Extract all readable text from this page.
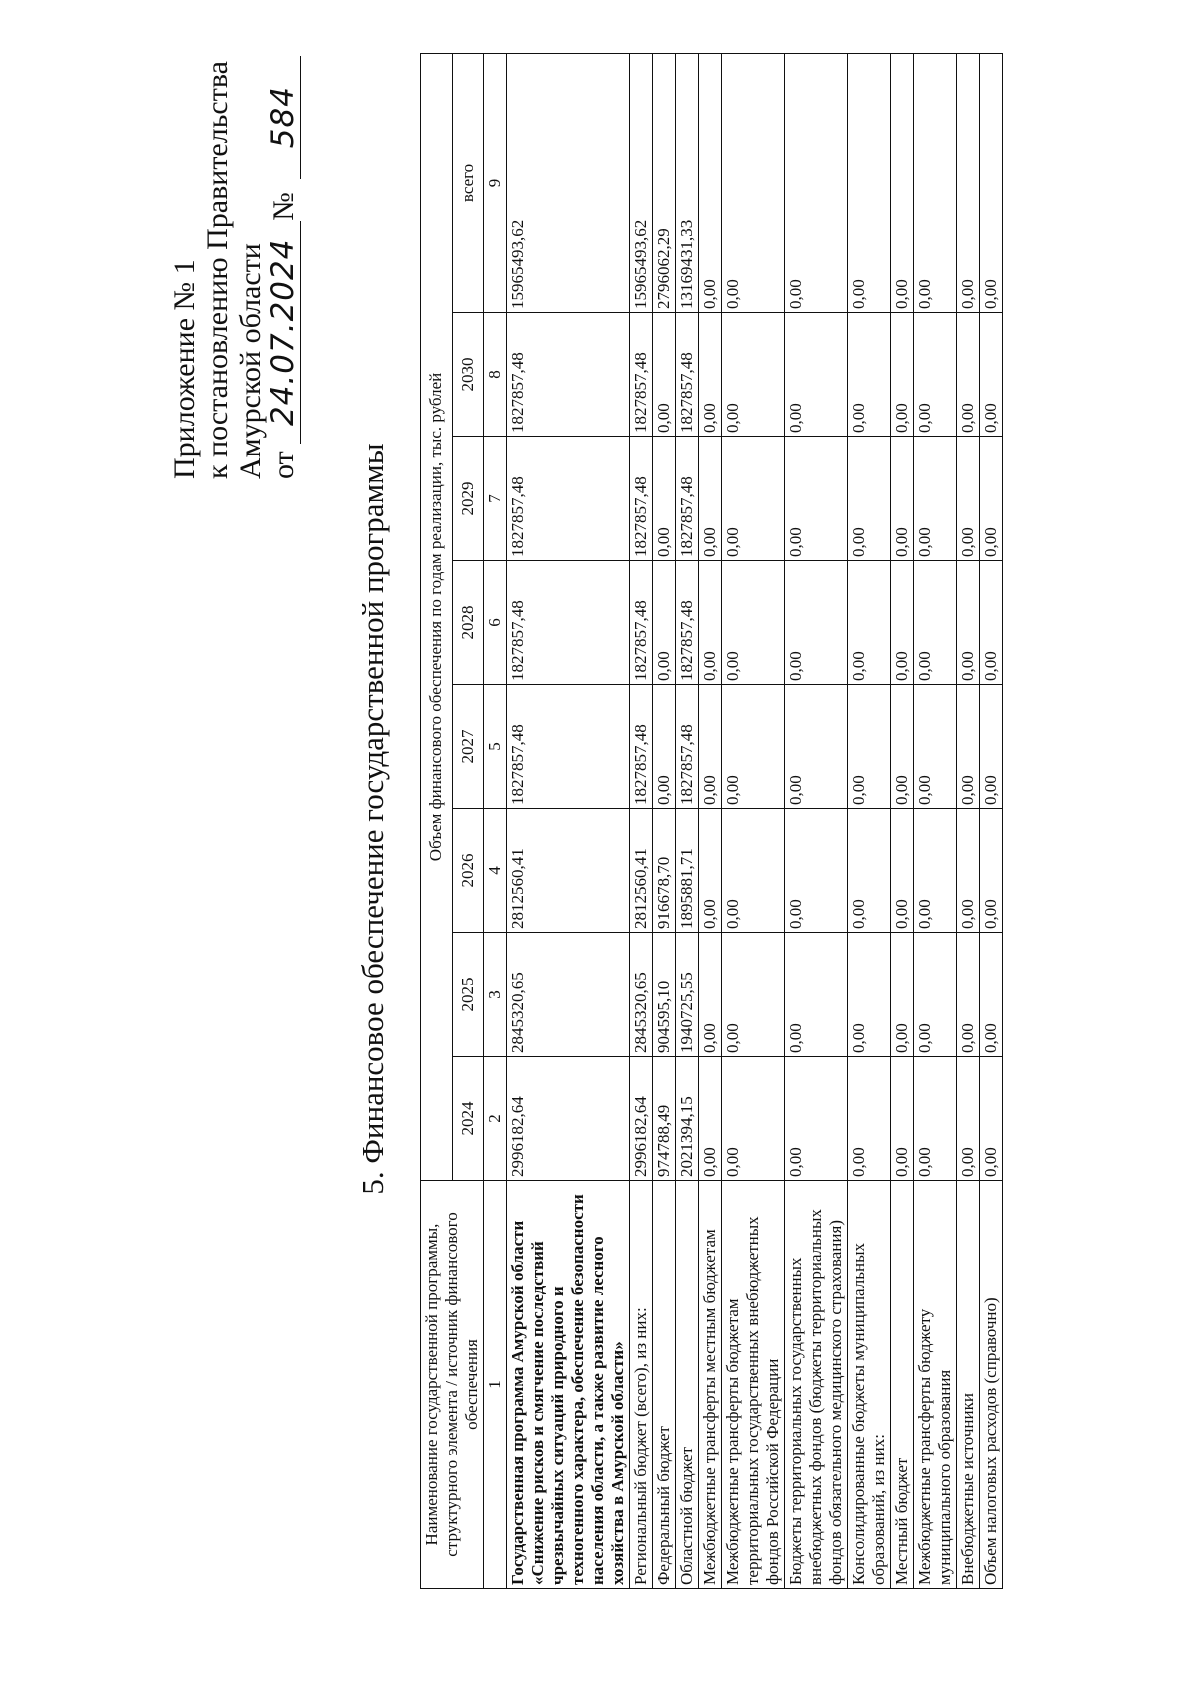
Приложение № 1 к постановлению Правительства Амурской области от 24.07.2024№ 584
5. Финансовое обеспечение государственной программы
Наименование государственной программы, структурного элемента / источник финансового обеспечения	Объем финансового обеспечения по годам реализации, тыс. рублей							
	2024	2025	2026	2027	2028	2029	2030	всего
1	2	3	4	5	6	7	8	9
Государственная программа Амурской области «Снижение рисков и смягчение последствий чрезвычайных ситуаций природного и техногенного характера, обеспечение безопасности населения области, а также развитие лесного хозяйства в Амурской области»	2996182,64	2845320,65	2812560,41	1827857,48	1827857,48	1827857,48	1827857,48	15965493,62
Региональный бюджет (всего), из них:	2996182,64	2845320,65	2812560,41	1827857,48	1827857,48	1827857,48	1827857,48	15965493,62
Федеральный бюджет	974788,49	904595,10	916678,70	0,00	0,00	0,00	0,00	2796062,29
Областной бюджет	2021394,15	1940725,55	1895881,71	1827857,48	1827857,48	1827857,48	1827857,48	13169431,33
Межбюджетные трансферты местным бюджетам	0,00	0,00	0,00	0,00	0,00	0,00	0,00	0,00
Межбюджетные трансферты бюджетам территориальных государственных внебюджетных фондов Российской Федерации	0,00	0,00	0,00	0,00	0,00	0,00	0,00	0,00
Бюджеты территориальных государственных внебюджетных фондов (бюджеты территориальных фондов обязательного медицинского страхования)	0,00	0,00	0,00	0,00	0,00	0,00	0,00	0,00
Консолидированные бюджеты муниципальных образований, из них:	0,00	0,00	0,00	0,00	0,00	0,00	0,00	0,00
Местный бюджет	0,00	0,00	0,00	0,00	0,00	0,00	0,00	0,00
Межбюджетные трансферты бюджету муниципального образования	0,00	0,00	0,00	0,00	0,00	0,00	0,00	0,00
Внебюджетные источники	0,00	0,00	0,00	0,00	0,00	0,00	0,00	0,00
Объем налоговых расходов (справочно)	0,00	0,00	0,00	0,00	0,00	0,00	0,00	0,00
